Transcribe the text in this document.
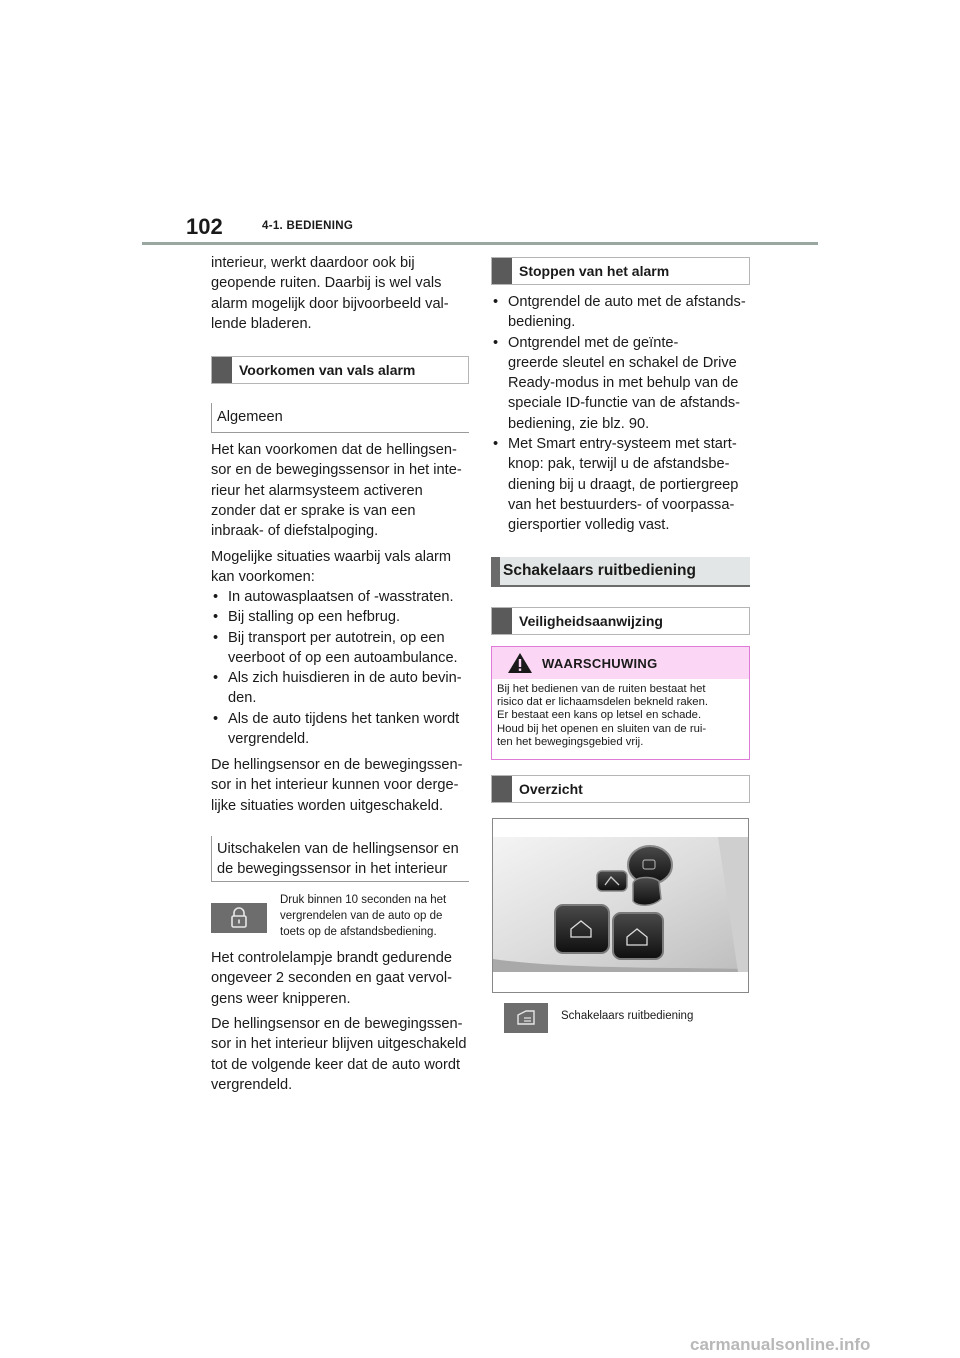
102	4-1. BEDIENING

interieur, werkt daardoor ook bij

geopende ruiten. Daarbij is wel vals

alarm mogelijk door bijvoorbeeld val-

lende bladeren.

Voorkomen van vals alarm
Algemeen

Het kan voorkomen dat de hellingsen-

sor en de bewegingssensor in het inte-

rieur het alarmsysteem activeren

zonder dat er sprake is van een

inbraak- of diefstalpoging.

Mogelijke situaties waarbij vals alarm

kan voorkomen:

• In autowasplaatsen of -wasstraten.
• Bij stalling op een hefbrug.
• Bij transport per autotrein, op een
veerboot of op een autoambulance.
• Als zich huisdieren in de auto bevin-
den.
• Als de auto tijdens het tanken wordt
vergrendeld.

De hellingsensor en de bewegingssen-

sor in het interieur kunnen voor derge-

lijke situaties worden uitgeschakeld.

Uitschakelen van de hellingsensor en
de bewegingssensor in het interieur
Druk binnen 10 seconden na het
vergrendelen van de auto op de
toets op de afstandsbediening.

Het controlelampje brandt gedurende

ongeveer 2 seconden en gaat vervol-

gens weer knipperen.

De hellingsensor en de bewegingssen-

sor in het interieur blijven uitgeschakeld

tot de volgende keer dat de auto wordt

vergrendeld.

Stoppen van het alarm
• Ontgrendel de auto met de afstands-
bediening.
• Ontgrendel met de geïnte-
greerde sleutel en schakel de Drive
Ready-modus in met behulp van de
speciale ID-functie van de afstands-
bediening, zie blz. 90.
• Met Smart entry-systeem met start-
knop: pak, terwijl u de afstandsbe-
diening bij u draagt, de portiergreep
van het bestuurders- of voorpassa-
giersportier volledig vast.
Schakelaars ruitbediening
Veiligheidsaanwijzing
WAARSCHUWING
Bij het bedienen van de ruiten bestaat het
risico dat er lichaamsdelen bekneld raken.
Er bestaat een kans op letsel en schade.
Houd bij het openen en sluiten van de rui-
ten het bewegingsgebied vrij.
Overzicht
Schakelaars ruitbediening
carmanualsonline.info
